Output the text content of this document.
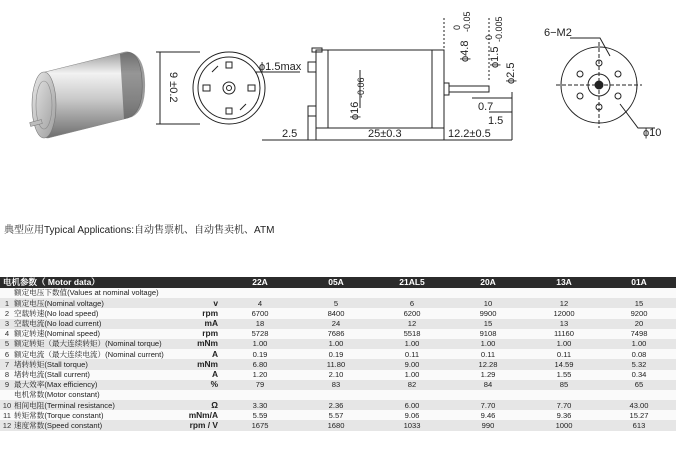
9 ±0.2
ϕ1.5max
2.5	25±0.3	12.2±0.5
0.7
1.5
ϕ16
-0.06
ϕ4.8
0 -0.05
ϕ1.5
0 -0.005
ϕ2.5
6−M2
ϕ10
典型应用Typical Applications:自动售票机、自动售卖机、ATM
电机参数（ Motor data）			22A	05A	21AL5	20A	13A	01A
额定电压下数值(Values at nominal voltage)								
1	额定电压(Nominal voltage)	v	4	5	6	10	12	15
2	空载转速(No load speed)	rpm	6700	8400	6200	9900	12000	9200
3	空载电流(No load current)	mA	18	24	12	15	13	20
4	额定转速(Nominal speed)	rpm	5728	7686	5518	9108	11160	7498
5	额定转矩（最大连续转矩）(Nominal torque)	mNm	1.00	1.00	1.00	1.00	1.00	1.00
6	额定电流（最大连续电流）(Nominal current)	A	0.19	0.19	0.11	0.11	0.11	0.08
7	堵转转矩(Stall torque)	mNm	6.80	11.80	9.00	12.28	14.59	5.32
8	堵转电流(Stall current)	A	1.20	2.10	1.00	1.29	1.55	0.34
9	最大效率(Max efficiency)	%	79	83	82	84	85	65
电机常数(Motor constant)								
10	相间电阻(Terminal resistance)	Ω	3.30	2.36	6.00	7.70	7.70	43.00
11	转矩常数(Torque constant)	mNm/A	5.59	5.57	9.06	9.46	9.36	15.27
12	速度常数(Speed constant)	rpm / V	1675	1680	1033	990	1000	613
